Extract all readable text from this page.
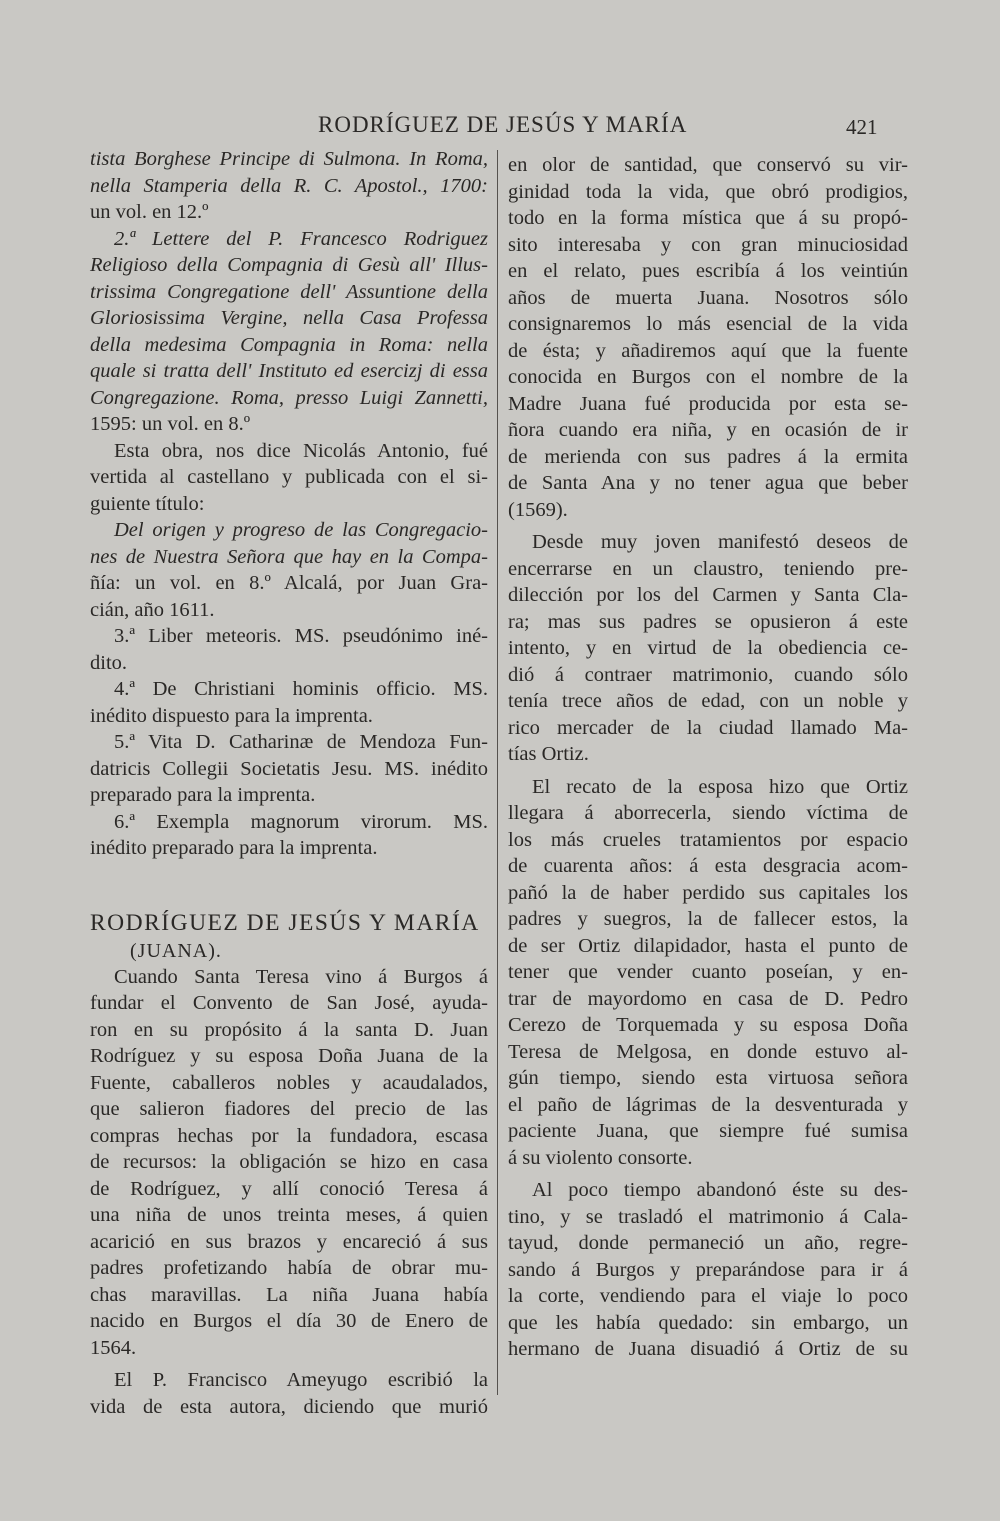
RODRÍGUEZ DE JESÚS Y MARÍA	421
tista Borghese Principe di Sulmona. In Roma,
nella Stamperia della R. C. Apostol., 1700:
un vol. en 12.º
2.ª Lettere del P. Francesco Rodriguez
Religioso della Compagnia di Gesù all' Illus-
trissima Congregatione dell' Assuntione della
Gloriosissima Vergine, nella Casa Professa
della medesima Compagnia in Roma: nella
quale si tratta dell' Instituto ed esercizj di essa
Congregazione. Roma, presso Luigi Zannetti,
1595: un vol. en 8.º
Esta obra, nos dice Nicolás Antonio, fué
vertida al castellano y publicada con el si-
guiente título:
Del origen y progreso de las Congregacio-
nes de Nuestra Señora que hay en la Compa-
ñía: un vol. en 8.º Alcalá, por Juan Gra-
cián, año 1611.
3.ª Liber meteoris. MS. pseudónimo iné-
dito.
4.ª De Christiani hominis officio. MS.
inédito dispuesto para la imprenta.
5.ª Vita D. Catharinæ de Mendoza Fun-
datricis Collegii Societatis Jesu. MS. inédito
preparado para la imprenta.
6.ª Exempla magnorum virorum. MS.
inédito preparado para la imprenta.
RODRÍGUEZ DE JESÚS Y MARÍA
(JUANA).
Cuando Santa Teresa vino á Burgos á
fundar el Convento de San José, ayuda-
ron en su propósito á la santa D. Juan
Rodríguez y su esposa Doña Juana de la
Fuente, caballeros nobles y acaudalados,
que salieron fiadores del precio de las
compras hechas por la fundadora, escasa
de recursos: la obligación se hizo en casa
de Rodríguez, y allí conoció Teresa á
una niña de unos treinta meses, á quien
acarició en sus brazos y encareció á sus
padres profetizando había de obrar mu-
chas maravillas. La niña Juana había
nacido en Burgos el día 30 de Enero de
1564.
El P. Francisco Ameyugo escribió la
vida de esta autora, diciendo que murió
en olor de santidad, que conservó su vir-
ginidad toda la vida, que obró prodigios,
todo en la forma mística que á su propó-
sito interesaba y con gran minuciosidad
en el relato, pues escribía á los veintiún
años de muerta Juana. Nosotros sólo
consignaremos lo más esencial de la vida
de ésta; y añadiremos aquí que la fuente
conocida en Burgos con el nombre de la
Madre Juana fué producida por esta se-
ñora cuando era niña, y en ocasión de ir
de merienda con sus padres á la ermita
de Santa Ana y no tener agua que beber
(1569).
Desde muy joven manifestó deseos de
encerrarse en un claustro, teniendo pre-
dilección por los del Carmen y Santa Cla-
ra; mas sus padres se opusieron á este
intento, y en virtud de la obediencia ce-
dió á contraer matrimonio, cuando sólo
tenía trece años de edad, con un noble y
rico mercader de la ciudad llamado Ma-
tías Ortiz.
El recato de la esposa hizo que Ortiz
llegara á aborrecerla, siendo víctima de
los más crueles tratamientos por espacio
de cuarenta años: á esta desgracia acom-
pañó la de haber perdido sus capitales los
padres y suegros, la de fallecer estos, la
de ser Ortiz dilapidador, hasta el punto de
tener que vender cuanto poseían, y en-
trar de mayordomo en casa de D. Pedro
Cerezo de Torquemada y su esposa Doña
Teresa de Melgosa, en donde estuvo al-
gún tiempo, siendo esta virtuosa señora
el paño de lágrimas de la desventurada y
paciente Juana, que siempre fué sumisa
á su violento consorte.
Al poco tiempo abandonó éste su des-
tino, y se trasladó el matrimonio á Cala-
tayud, donde permaneció un año, regre-
sando á Burgos y preparándose para ir á
la corte, vendiendo para el viaje lo poco
que les había quedado: sin embargo, un
hermano de Juana disuadió á Ortiz de su
